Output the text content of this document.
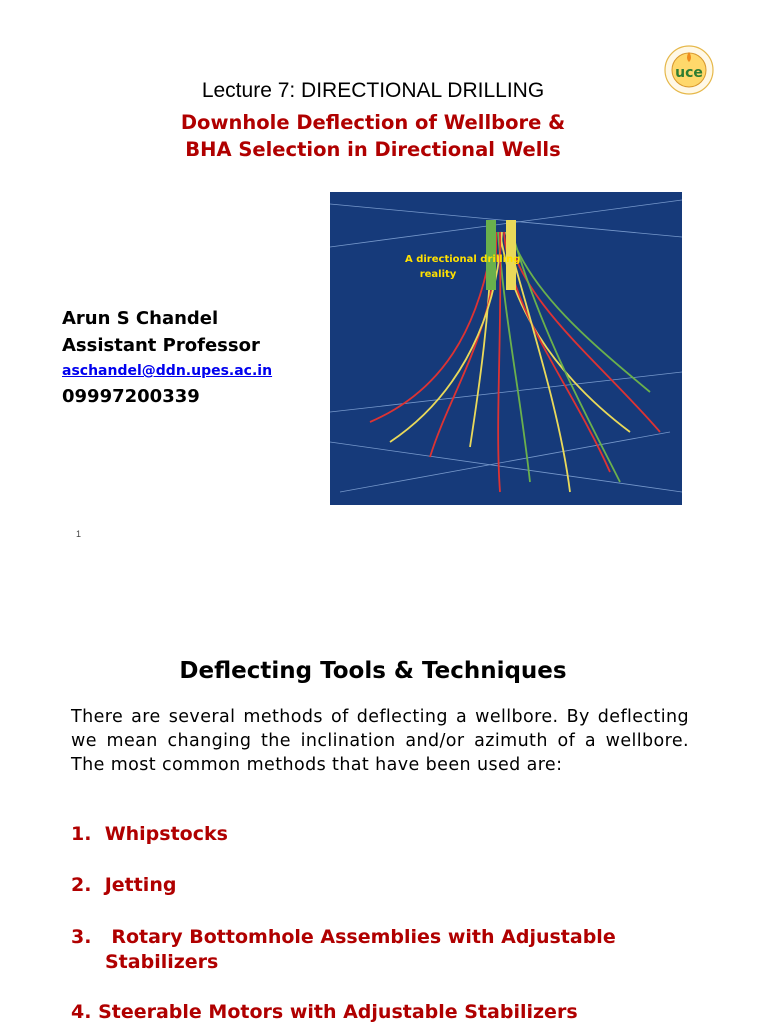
uce
Lecture 7: DIRECTIONAL DRILLING
Downhole Deflection of Wellbore &
BHA Selection in Directional Wells
A directional drilling
reality
Arun S Chandel
Assistant Professor
aschandel@ddn.upes.ac.in
09997200339
1
Deflecting Tools & Techniques
There are several methods of deflecting a wellbore. By deflecting we mean changing the inclination and/or azimuth of a wellbore. The most common methods that have been used are:
1. Whipstocks
2. Jetting
3. Rotary Bottomhole Assemblies with Adjustable
Stabilizers
4. Steerable Motors with Adjustable Stabilizers
